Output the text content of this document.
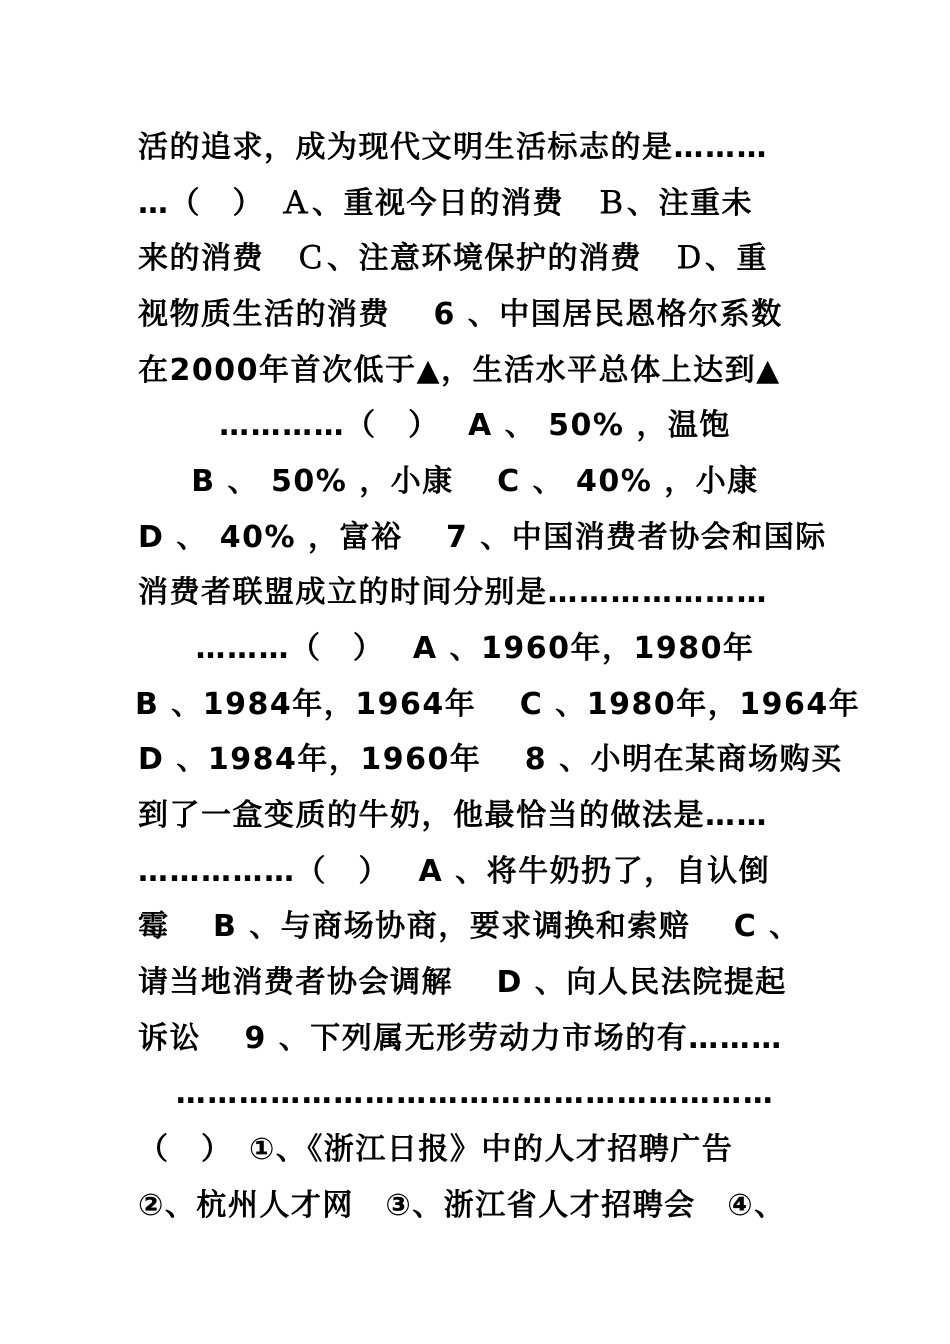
活的追求，成为现代文明生活标志的是………
…（　）　Ａ、重视今日的消费　Ｂ、注重未
来的消费　Ｃ、注意环境保护的消费　Ｄ、重
视物质生活的消费　 6 、中国居民恩格尔系数
在2000年首次低于▲，生活水平总体上达到▲
…………（　）　 A 、 50% ，温饱
B 、 50% ，小康　 C 、 40% ，小康
D 、 40% ，富裕　 7 、中国消费者协会和国际
消费者联盟成立的时间分别是…………………
………（　）　 A 、1960年，1980年
B 、1984年，1964年　 C 、1980年，1964年
D 、1984年，1960年　 8 、小明在某商场购买
到了一盒变质的牛奶，他最恰当的做法是……
……………（　）　 A 、将牛奶扔了，自认倒
霉　 B 、与商场协商，要求调换和索赔　 C 、
请当地消费者协会调解　 D 、向人民法院提起
诉讼　 9 、下列属无形劳动力市场的有………
…………………………………………………
（　）　①、《浙江日报》中的人才招聘广告
②、杭州人才网　③、浙江省人才招聘会　④、
